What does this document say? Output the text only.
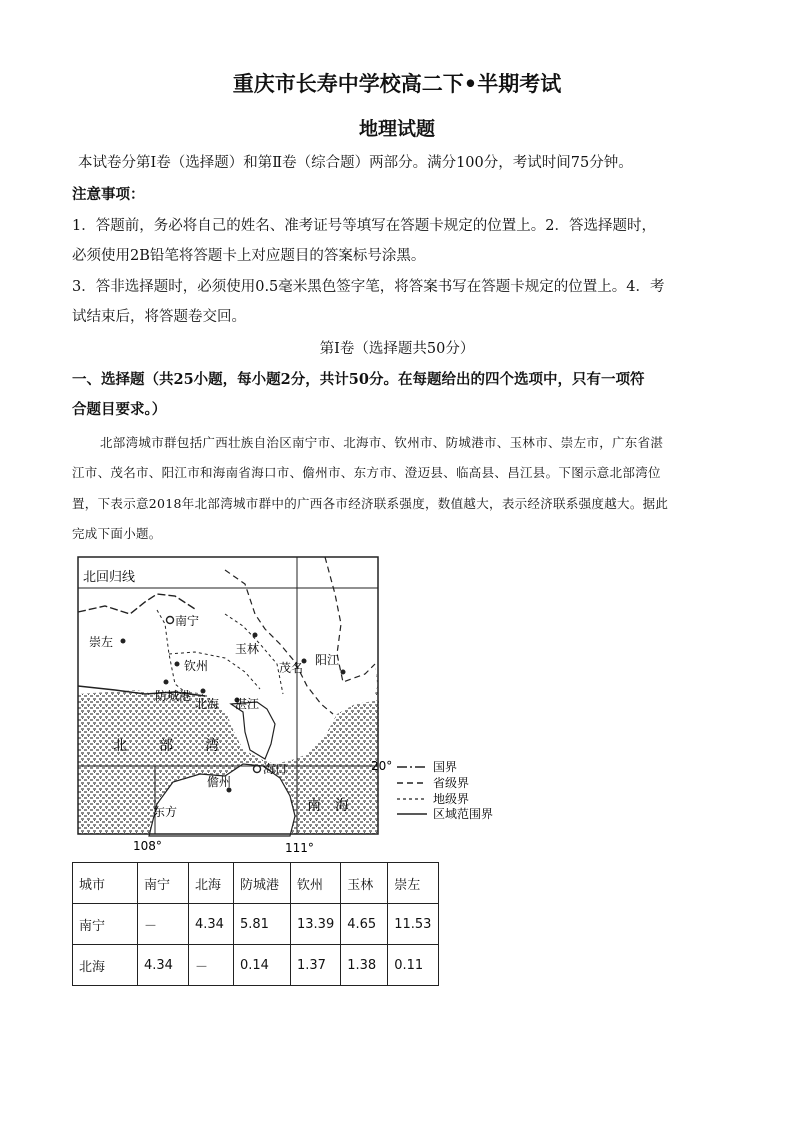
重庆市长寿中学校高二下•半期考试
地理试题
本试卷分第Ⅰ卷（选择题）和第Ⅱ卷（综合题）两部分。满分100分，考试时间75分钟。
注意事项：
1．答题前，务必将自己的姓名、准考证号等填写在答题卡规定的位置上。2．答选择题时，
必须使用2B铅笔将答题卡上对应题目的答案标号涂黑。
3．答非选择题时，必须使用0.5毫米黑色签字笔，将答案书写在答题卡规定的位置上。4．考
试结束后，将答题卷交回。
第Ⅰ卷（选择题共50分）
一、选择题（共25小题，每小题2分，共计50分。在每题给出的四个选项中，只有一项符
合题目要求。）
北部湾城市群包括广西壮族自治区南宁市、北海市、钦州市、防城港市、玉林市、崇左市，广东省湛
江市、茂名市、阳江市和海南省海口市、儋州市、东方市、澄迈县、临高县、昌江县。下图示意北部湾位
置，下表示意2018年北部湾城市群中的广西各市经济联系强度，数值越大，表示经济联系强度越大。据此
完成下面小题。
北回归线
南宁
崇左	玉林
钦州
防城港
北海 湛江
茂名
阳江
海口
儋州
东方
北 部 湾
南 海
20°	国界
省级界
地级界
区域范围界
108°	111°
城市	南宁	北海	防城港	钦州	玉林	崇左
南宁	－	4.34	5.81	13.39	4.65	11.53
北海	4.34	－	0.14	1.37	1.38	0.11
